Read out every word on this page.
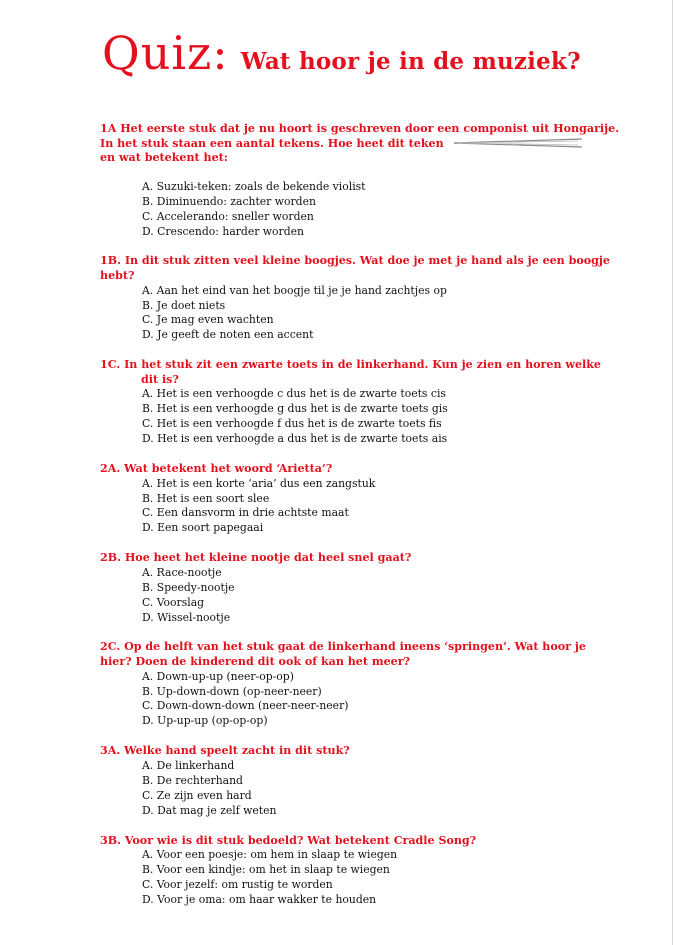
Quiz: Wat hoor je in de muziek?
1A Het eerste stuk dat je nu hoort is geschreven door een componist uit Hongarije.
In het stuk staan een aantal tekens. Hoe heet dit teken
en wat betekent het:
A. Suzuki-teken: zoals de bekende violist
B. Diminuendo: zachter worden
C. Accelerando: sneller worden
D. Crescendo: harder worden
1B. In dit stuk zitten veel kleine boogjes. Wat doe je met je hand als je een boogje
hebt?
A. Aan het eind van het boogje til je je hand zachtjes op
B. Je doet niets
C. Je mag even wachten
D. Je geeft de noten een accent
1C. In het stuk zit een zwarte toets in de linkerhand. Kun je zien en horen welke
dit is?
A. Het is een verhoogde c dus het is de zwarte toets cis
B. Het is een verhoogde g dus het is de zwarte toets gis
C. Het is een verhoogde f dus het is de zwarte toets fis
D. Het is een verhoogde a dus het is de zwarte toets ais
2A. Wat betekent het woord ‘Arietta’?
A. Het is een korte ‘aria’ dus een zangstuk
B. Het is een soort slee
C. Een dansvorm in drie achtste maat
D. Een soort papegaai
2B. Hoe heet het kleine nootje dat heel snel gaat?
A. Race-nootje
B. Speedy-nootje
C. Voorslag
D. Wissel-nootje
2C. Op de helft van het stuk gaat de linkerhand ineens ‘springen’. Wat hoor je
hier? Doen de kinderend dit ook of kan het meer?
A. Down-up-up (neer-op-op)
B. Up-down-down (op-neer-neer)
C. Down-down-down (neer-neer-neer)
D. Up-up-up (op-op-op)
3A. Welke hand speelt zacht in dit stuk?
A. De linkerhand
B. De rechterhand
C. Ze zijn even hard
D. Dat mag je zelf weten
3B. Voor wie is dit stuk bedoeld? Wat betekent Cradle Song?
A. Voor een poesje: om hem in slaap te wiegen
B. Voor een kindje: om het in slaap te wiegen
C. Voor jezelf: om rustig te worden
D. Voor je oma: om haar wakker te houden
